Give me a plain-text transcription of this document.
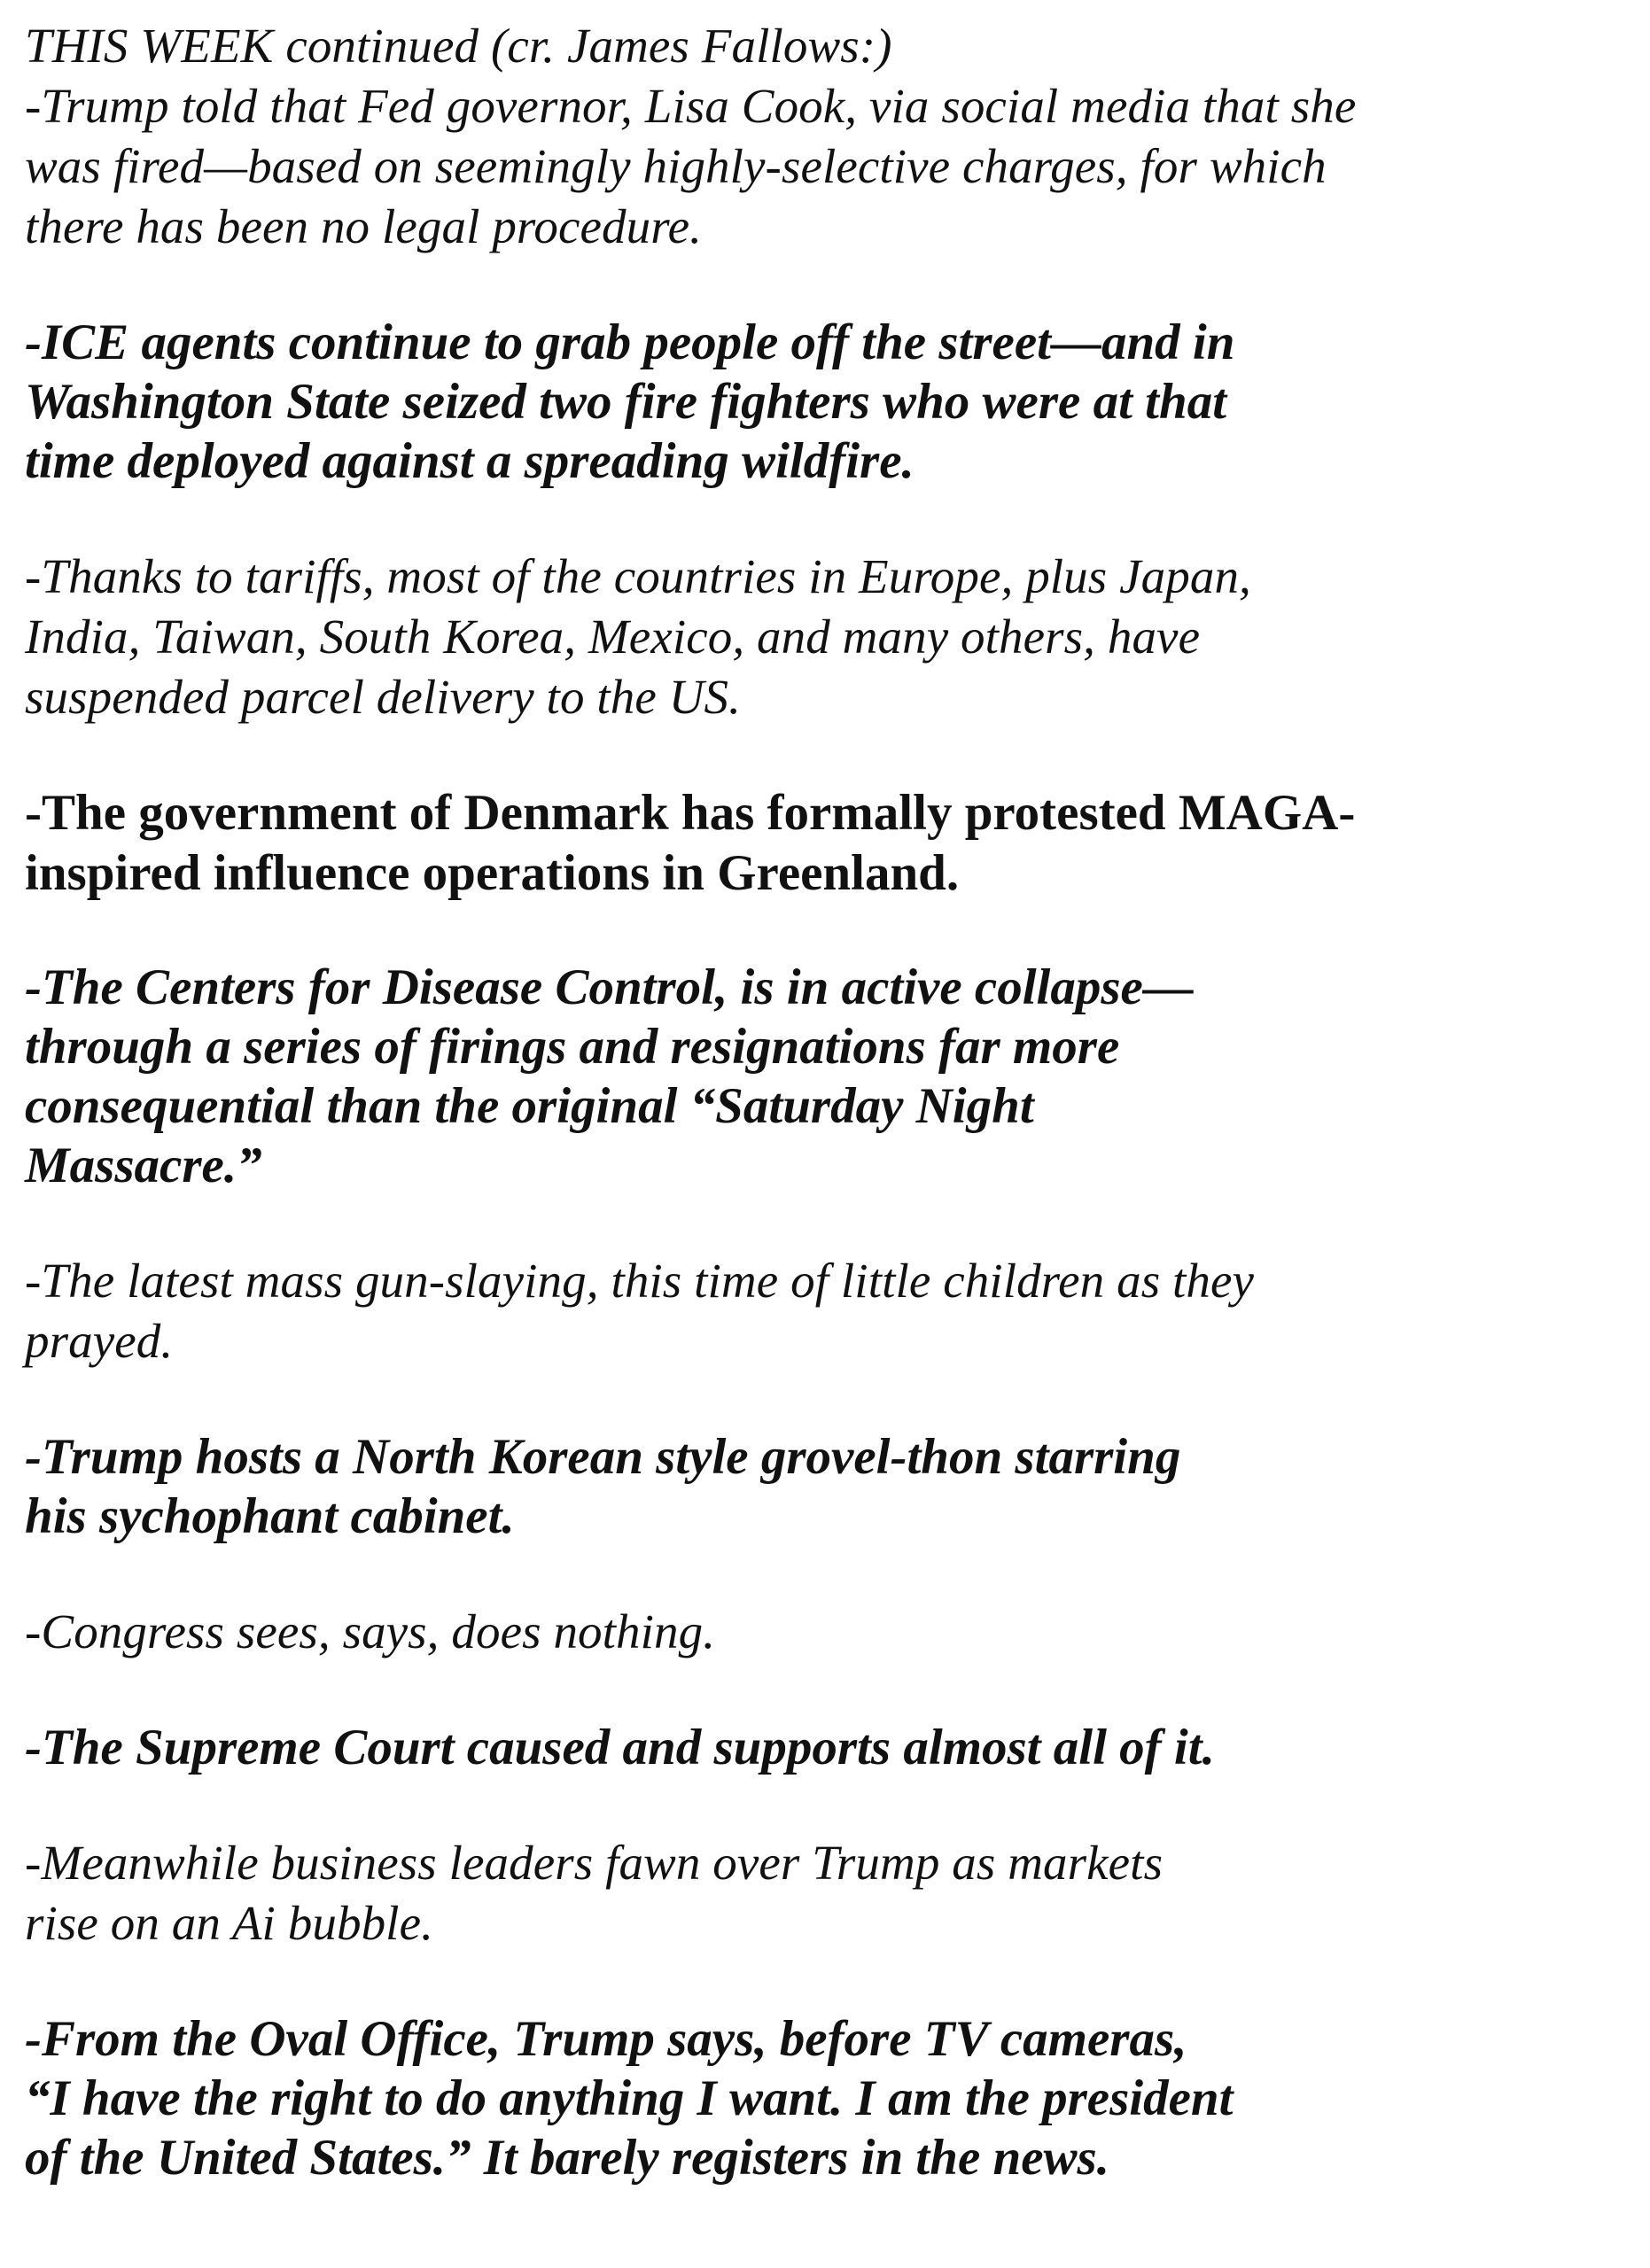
THIS WEEK continued (cr. James Fallows:)

-Trump told that Fed governor, Lisa Cook, via social media that she
was fired—based on seemingly highly-selective charges, for which
there has been no legal procedure.

-ICE agents continue to grab people off the street—and in
Washington State seized two fire fighters who were at that
time deployed against a spreading wildfire.

-Thanks to tariffs, most of the countries in Europe, plus Japan,
India, Taiwan, South Korea, Mexico, and many others, have
suspended parcel delivery to the US.

-The government of Denmark has formally protested MAGA-
inspired influence operations in Greenland.

-The Centers for Disease Control, is in active collapse—
through a series of firings and resignations far more
consequential than the original “Saturday Night
Massacre.”

-The latest mass gun-slaying, this time of little children as they
prayed.

-Trump hosts a North Korean style grovel-thon starring
his sychophant cabinet.

-Congress sees, says, does nothing.

-The Supreme Court caused and supports almost all of it.

-Meanwhile business leaders fawn over Trump as markets
rise on an Ai bubble.

-From the Oval Office, Trump says, before TV cameras,
“I have the right to do anything I want. I am the president
of the United States.” It barely registers in the news.
